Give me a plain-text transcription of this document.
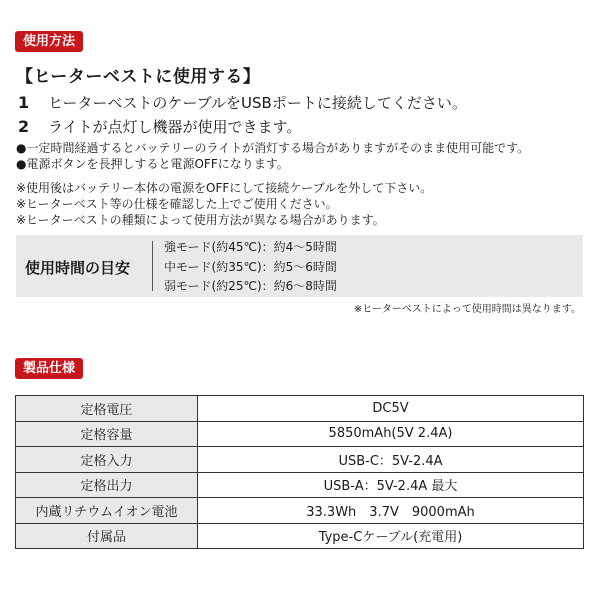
使用方法
【ヒーターベストに使用する】
1 ヒーターベストのケーブルをUSBポートに接続してください。
2 ライトが点灯し機器が使用できます。
●一定時間経過するとバッテリーのライトが消灯する場合がありますがそのまま使用可能です。
●電源ボタンを長押しすると電源OFFになります。
※使用後はバッテリー本体の電源をOFFにして接続ケーブルを外して下さい。
※ヒーターベスト等の仕様を確認した上でご使用ください。
※ヒーターベストの種類によって使用方法が異なる場合があります。
使用時間の目安
強モード(約45℃)：約4～5時間
中モード(約35℃)：約5～6時間
弱モード(約25℃)：約6～8時間
※ヒーターベストによって使用時間は異なります。
製品仕様
定格電圧	DC5V
定格容量	5850mAh(5V 2.4A)
定格入力	USB-C：5V-2.4A
定格出力	USB-A：5V-2.4A 最大
内蔵リチウムイオン電池	33.3Wh　3.7V　9000mAh
付属品	Type-Cケーブル(充電用)
